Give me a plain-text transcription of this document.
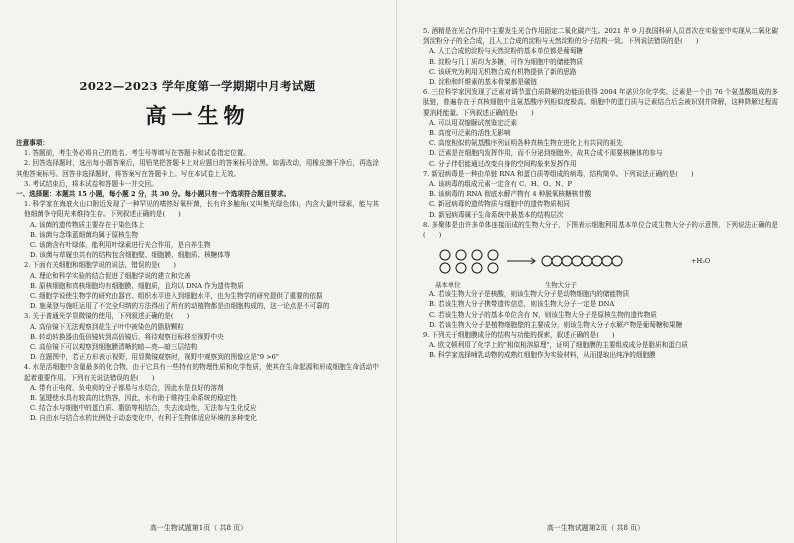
2022—2023 学年度第一学期期中月考试题
高一生物

注意事项：

1. 答题前，考生务必将自己的姓名、考生号等填写在答题卡和试卷指定位置。

2. 回答选择题时，选出每小题答案后，用铅笔把答题卡上对应题目的答案标号涂黑。如需改动，用橡皮擦干净后，再选涂其他答案标号。回答非选择题时，将答案写在答题卡上。写在本试卷上无效。

3. 考试结束后，将本试卷和答题卡一并交回。

一、选择题：本题共 15 小题，每小题 2 分，共 30 分。每小题只有一个选项符合题目要求。

1. 科学家在海底火山口附近发现了一种罕见的嗜热好氧杆菌，长有许多触角(又叫集光绿色体)，内含大量叶绿素，能与其他细菌争夺阳光来维持生存。下列叙述正确的是(　　)

A. 该菌的遗传物质主要存在于染色体上

B. 该菌与念珠蓝细菌均属于原核生物

C. 该菌含有叶绿体，能利用叶绿素进行光合作用，是自养生物

D. 该菌与草履虫共有的结构包含细胞壁、细胞膜、细胞质、核糖体等

2. 下面有关细胞和细胞学说的说法，错误的是(　　)

A. 理论和科学实验的结合促进了细胞学说的建立和完善

B. 原核细胞和真核细胞均有细胞膜、细胞质，且均以 DNA 作为遗传物质

C. 细胞学说使生物学的研究由器官、组织水平进入到细胞水平，也为生物学的研究提供了重要的依据

D. 施莱登与施旺运用了不完全归纳的方法得出了所有的动植物都是由细胞构成的，这一论点是不可靠的

3. 关于普通光学显微镜的使用，下列叙述正确的是(　　)

A. 高倍镜下无法观察到花生子叶中被染色的脂肪颗粒

B. 转动转换器由低倍镜转到高倍镜后，将待观察目标移至视野中央

C. 高倍镜下可以观察到细胞膜清晰的暗—亮—暗三层结构

D. 在题图中，若正方形表示视野，用显微镜观察时，视野中观察到的图像应是"9 >6"

4. 水是活细胞中含量最多的化合物，由于它具有一些特有的物理性质和化学性质，使其在生命起源和形成细胞生命活动中起着重要作用。下列有关说法错误的是(　　)

A. 带有正电荷、负电荷的分子都易与水结合，因此水是良好的溶剂

B. 氢键使水具有较高的比热容，因此，水有助于维持生命系统的稳定性

C. 结合水与细胞中的蛋白质、脂肪等相结合，失去流动性，无法参与生化反应

D. 自由水与结合水的比例处于动态变化中，有利于生物体适应环境的多种变化

高一生物试题第1页（ 共8 页）

5. 酒精是在光合作用中主要发生光合作用固定二氧化碳产生。2021 年 9 月我国科研人员首次在实验室中实现从二氧化碳到淀粉分子的全合成，且人工合成的淀粉与天然淀粉的分子结构一致。下列说法错误的是(　　)

A. 人工合成的淀粉与天然淀粉的基本单位都是葡萄糖

B. 淀粉与几丁质均为多糖，可作为细胞中的储能物质

C. 该研究为利用无机物合成有机物提供了新的思路

D. 淀粉和纤维素的基本骨架都是碳链

6. 三位科学家因发现了泛素对调节蛋白质降解的功能而获得 2004 年诺贝尔化学奖。泛素是一个由 76 个氨基酸组成的多肽链，普遍存在于真核细胞中且氨基酸序列相似度极高。细胞中的蛋白质与泛素结合后会被识别并降解，这种降解过程需要消耗能量。下列叙述正确的是(　　)

A. 可以用双缩脲试剂鉴定泛素

B. 高度可泛素的活性无影响

C. 高度相似的氨基酸序列证明各种真核生物在进化上有共同的祖先

D. 泛素是在细胞内发挥作用，而不分泌到细胞外，故其合成不需要核糖体的参与

C. 分子伴侣能通过改变自身的空间构象来发挥作用

7. 新冠病毒是一种由单链 RNA 和蛋白质等组成的病毒，结构简单。下列说法正确的是(　　)

A. 该病毒的组成元素一定含有 C、H、O、N、P

B. 该病毒的 RNA 彻底水解产物有 4 种脱氧核糖核苷酸

C. 新冠病毒的遗传物质与细胞中的遗传物质相同

D. 新冠病毒属于生命系统中最基本的结构层次

8. 多聚体是由许多单体连接而成的生物大分子，下图表示细胞利用基本单位合成生物大分子的示意图，下列说法正确的是(　　)

+H₂O
基本单位	生物大分子

A. 若该生物大分子是核酸，则该生物大分子是动物细胞内的储能物质

B. 若该生物大分子携带遗传信息，则该生物大分子一定是 DNA

C. 若该生物大分子的基本单位含有 N，则该生物大分子是原核生物的遗传物质

D. 若该生物大分子是植物细胞壁的主要成分，则该生物大分子水解产物是葡萄糖和果糖

9. 下列关于细胞膜成分的结构与功能的探索，叙述正确的是(　　)

A. 欧文顿利用了化学上的"相似相溶原理"，证明了细胞膜的主要组成成分是脂质和蛋白质

B. 科学家选择哺乳动物的成熟红细胞作为实验材料，从而提取出纯净的细胞膜

高一生物试题第2页（ 共8 页）
